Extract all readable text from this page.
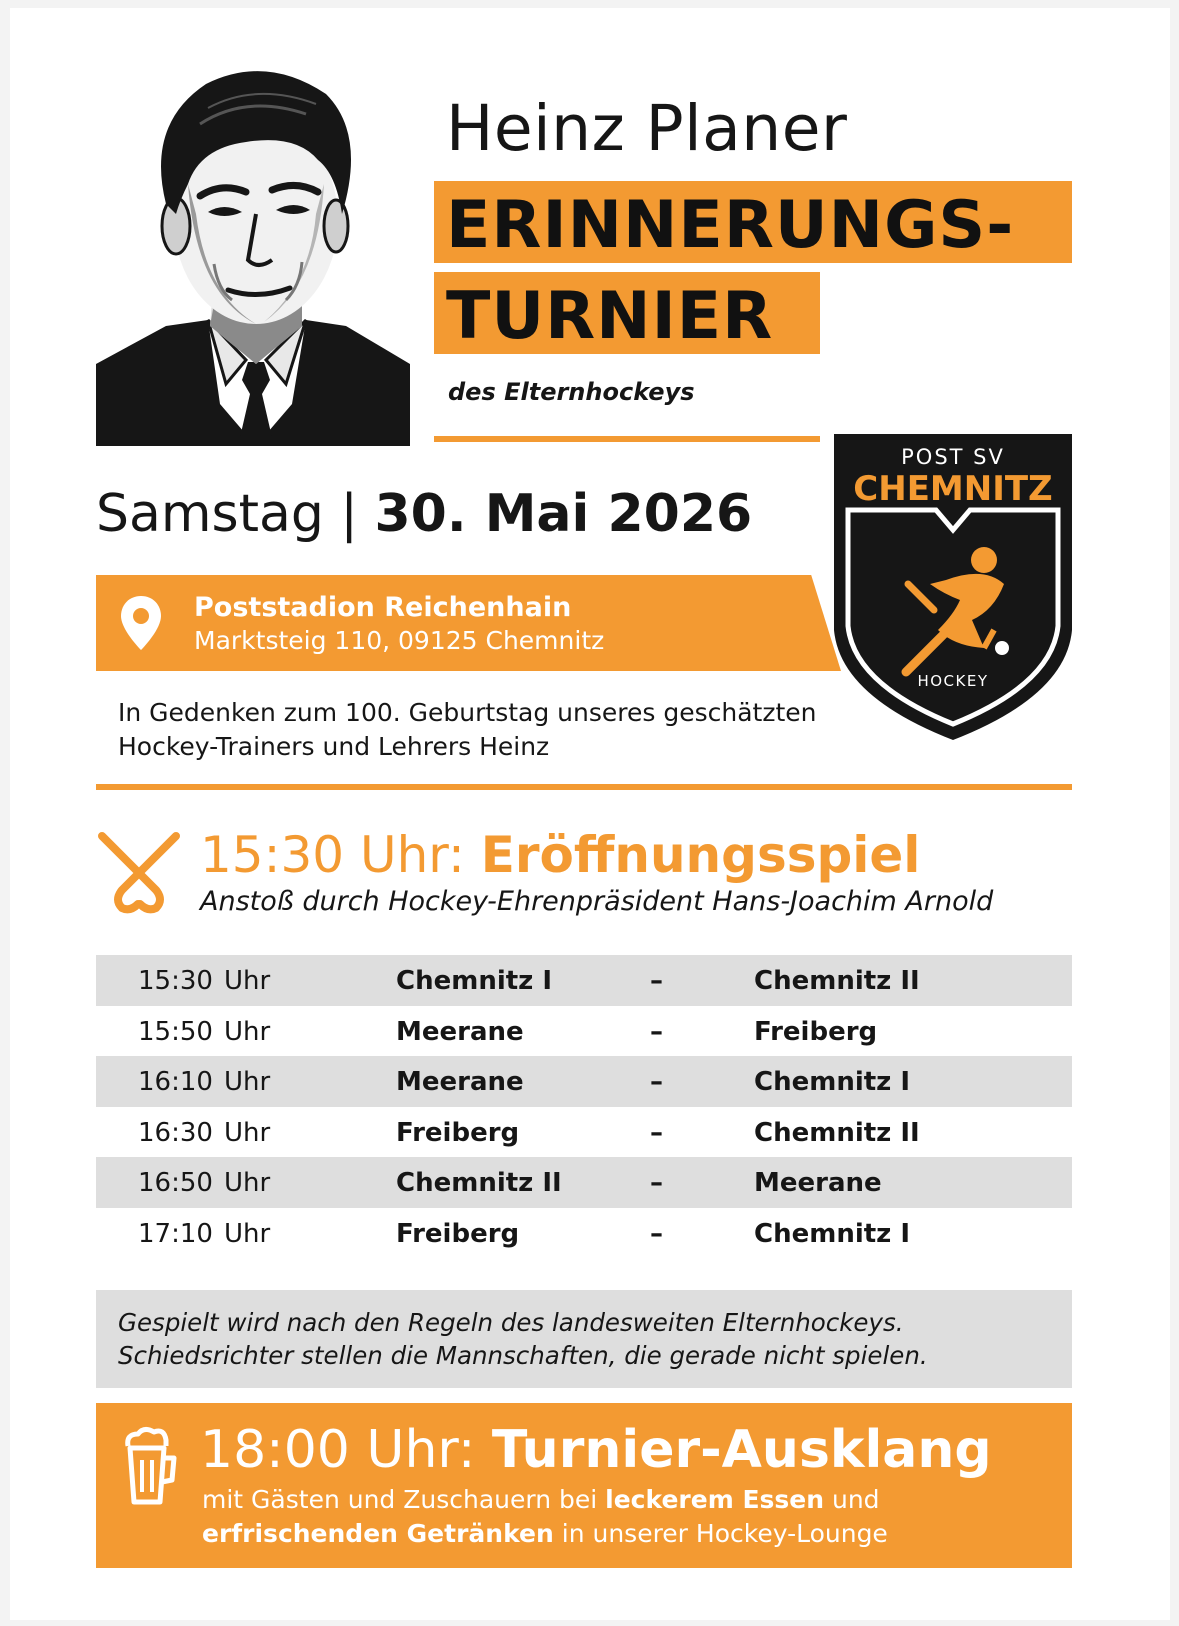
Heinz Planer
ERINNERUNGS-
TURNIER
des Elternhockeys
Samstag | 30. Mai 2026
Poststadion Reichenhain
Marktsteig 110, 09125 Chemnitz
In Gedenken zum 100. Geburtstag unseres geschätzten Hockey-Trainers und Lehrers Heinz
POST SV
CHEMNITZ
HOCKEY
15:30 Uhr: Eröffnungsspiel
Anstoß durch Hockey-Ehrenpräsident Hans-Joachim Arnold
15:30 Uhr	Chemnitz I	–	Chemnitz II
15:50 Uhr	Meerane	–	Freiberg
16:10 Uhr	Meerane	–	Chemnitz I
16:30 Uhr	Freiberg	–	Chemnitz II
16:50 Uhr	Chemnitz II	–	Meerane
17:10 Uhr	Freiberg	–	Chemnitz I
Gespielt wird nach den Regeln des landesweiten Elternhockeys.
Schiedsrichter stellen die Mannschaften, die gerade nicht spielen.
18:00 Uhr: Turnier-Ausklang
mit Gästen und Zuschauern bei leckerem Essen und
erfrischenden Getränken in unserer Hockey-Lounge
